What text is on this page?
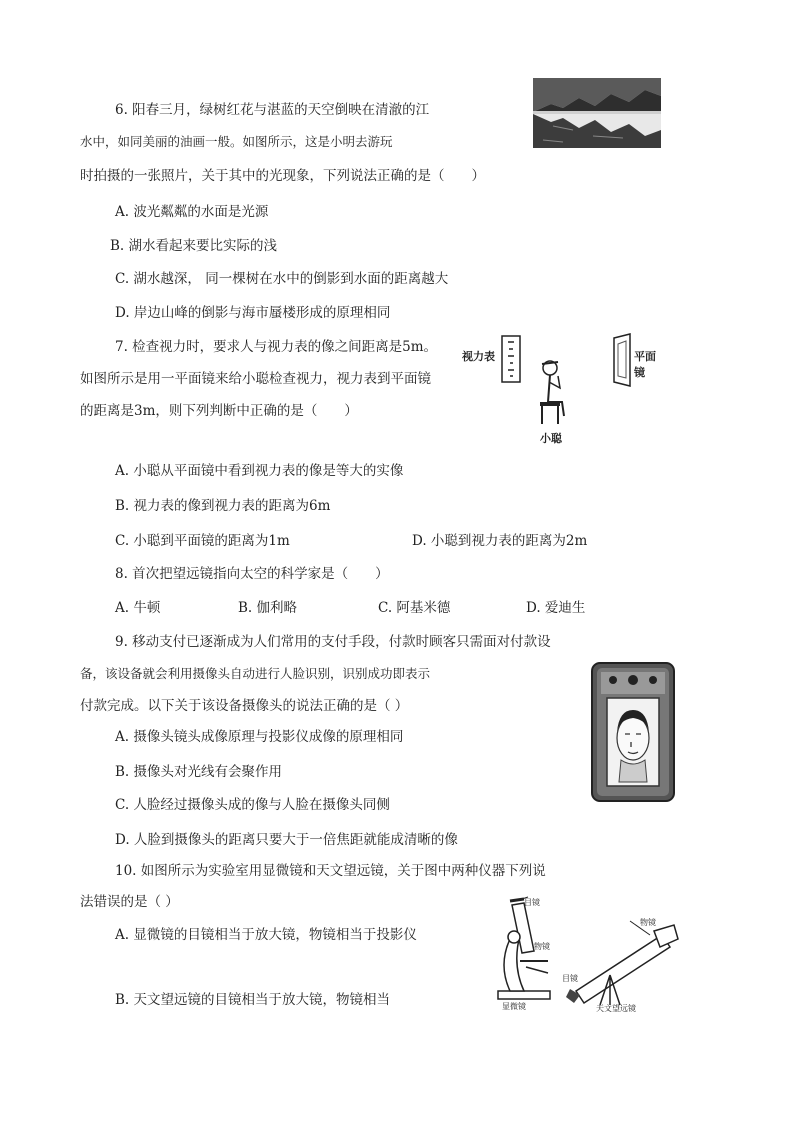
6. 阳春三月，绿树红花与湛蓝的天空倒映在清澈的江
水中，如同美丽的油画一般。如图所示，这是小明去游玩
时拍摄的一张照片，关于其中的光现象，下列说法正确的是（　　）
A. 波光粼粼的水面是光源
B. 湖水看起来要比实际的浅
C. 湖水越深， 同一棵树在水中的倒影到水面的距离越大
D. 岸边山峰的倒影与海市蜃楼形成的原理相同
7. 检查视力时，要求人与视力表的像之间距离是5m。
如图所示是用一平面镜来给小聪检查视力，视力表到平面镜
的距离是3m，则下列判断中正确的是（　　）
A. 小聪从平面镜中看到视力表的像是等大的实像
B. 视力表的像到视力表的距离为6m
C. 小聪到平面镜的距离为1m	D. 小聪到视力表的距离为2m
视力表	平面镜
小聪
8. 首次把望远镜指向太空的科学家是（　　）
A. 牛顿	B. 伽利略	C. 阿基米德	D. 爱迪生
9. 移动支付已逐渐成为人们常用的支付手段，付款时顾客只需面对付款设
备，该设备就会利用摄像头自动进行人脸识别，识别成功即表示
付款完成。以下关于该设备摄像头的说法正确的是（ ）
A. 摄像头镜头成像原理与投影仪成像的原理相同
B. 摄像头对光线有会聚作用
C. 人脸经过摄像头成的像与人脸在摄像头同侧
D. 人脸到摄像头的距离只要大于一倍焦距就能成清晰的像
10. 如图所示为实验室用显微镜和天文望远镜，关于图中两种仪器下列说
法错误的是（ ）
A. 显微镜的目镜相当于放大镜，物镜相当于投影仪
B. 天文望远镜的目镜相当于放大镜，物镜相当
目镜
物镜
显微镜
物镜
目镜
天文望远镜
